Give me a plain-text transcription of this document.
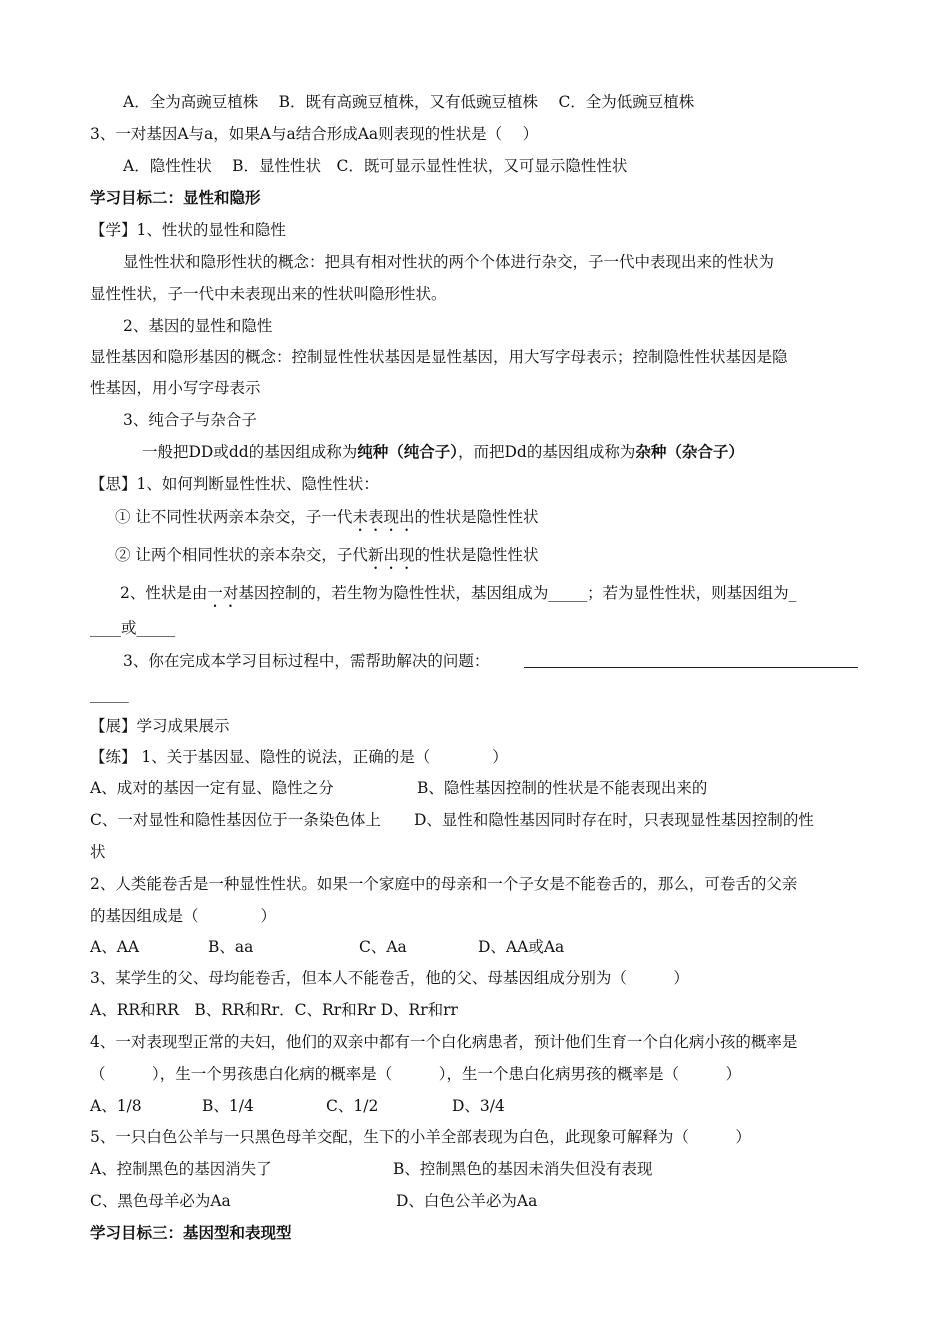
A．全为高豌豆植株　 B．既有高豌豆植株，又有低豌豆植株　 C．全为低豌豆植株
3、一对基因A与a，如果A与a结合形成Aa则表现的性状是（　 ）
A．隐性性状　 B．显性性状　C．既可显示显性性状，又可显示隐性性状
学习目标二：显性和隐形
【学】1、性状的显性和隐性
显性性状和隐形性状的概念：把具有相对性状的两个个体进行杂交，子一代中表现出来的性状为
显性性状，子一代中未表现出来的性状叫隐形性状。
2、基因的显性和隐性
显性基因和隐形基因的概念：控制显性性状基因是显性基因，用大写字母表示；控制隐性性状基因是隐
性基因，用小写字母表示
3、纯合子与杂合子
一般把DD或dd的基因组成称为纯种（纯合子），而把Dd的基因组成称为杂种（杂合子）
【思】1、如何判断显性性状、隐性性状：
① 让不同性状两亲本杂交，子一代未表现出的性状是隐性性状
② 让两个相同性状的亲本杂交，子代新出现的性状是隐性性状
2、性状是由一对基因控制的，若生物为隐性性状，基因组成为_____；若为显性性状，则基因组为_
____或_____
3、你在完成本学习目标过程中，需帮助解决的问题：
_____
【展】学习成果展示
【练】 1、关于基因显、隐性的说法，正确的是（　　　　）
A、成对的基因一定有显、隐性之分	B、隐性基因控制的性状是不能表现出来的
C、一对显性和隐性基因位于一条染色体上 D、显性和隐性基因同时存在时，只表现显性基因控制的性
状
2、人类能卷舌是一种显性性状。如果一个家庭中的母亲和一个子女是不能卷舌的，那么，可卷舌的父亲
的基因组成是（　　　　）
A、AA	B、aa	C、Aa	D、AA或Aa
3、某学生的父、母均能卷舌，但本人不能卷舌，他的父、母基因组成分别为（　　　）
A、RR和RR　B、RR和Rr．C、Rr和Rr D、Rr和rr
4、一对表现型正常的夫妇，他们的双亲中都有一个白化病患者，预计他们生育一个白化病小孩的概率是
（　　　），生一个男孩患白化病的概率是（　　　），生一个患白化病男孩的概率是（　　　）
A、1/8	B、1/4	C、1/2	D、3/4
5、一只白色公羊与一只黑色母羊交配，生下的小羊全部表现为白色，此现象可解释为（　　　）
A、控制黑色的基因消失了	B、控制黑色的基因未消失但没有表现
C、黑色母羊必为Aa	D、白色公羊必为Aa
学习目标三：基因型和表现型
